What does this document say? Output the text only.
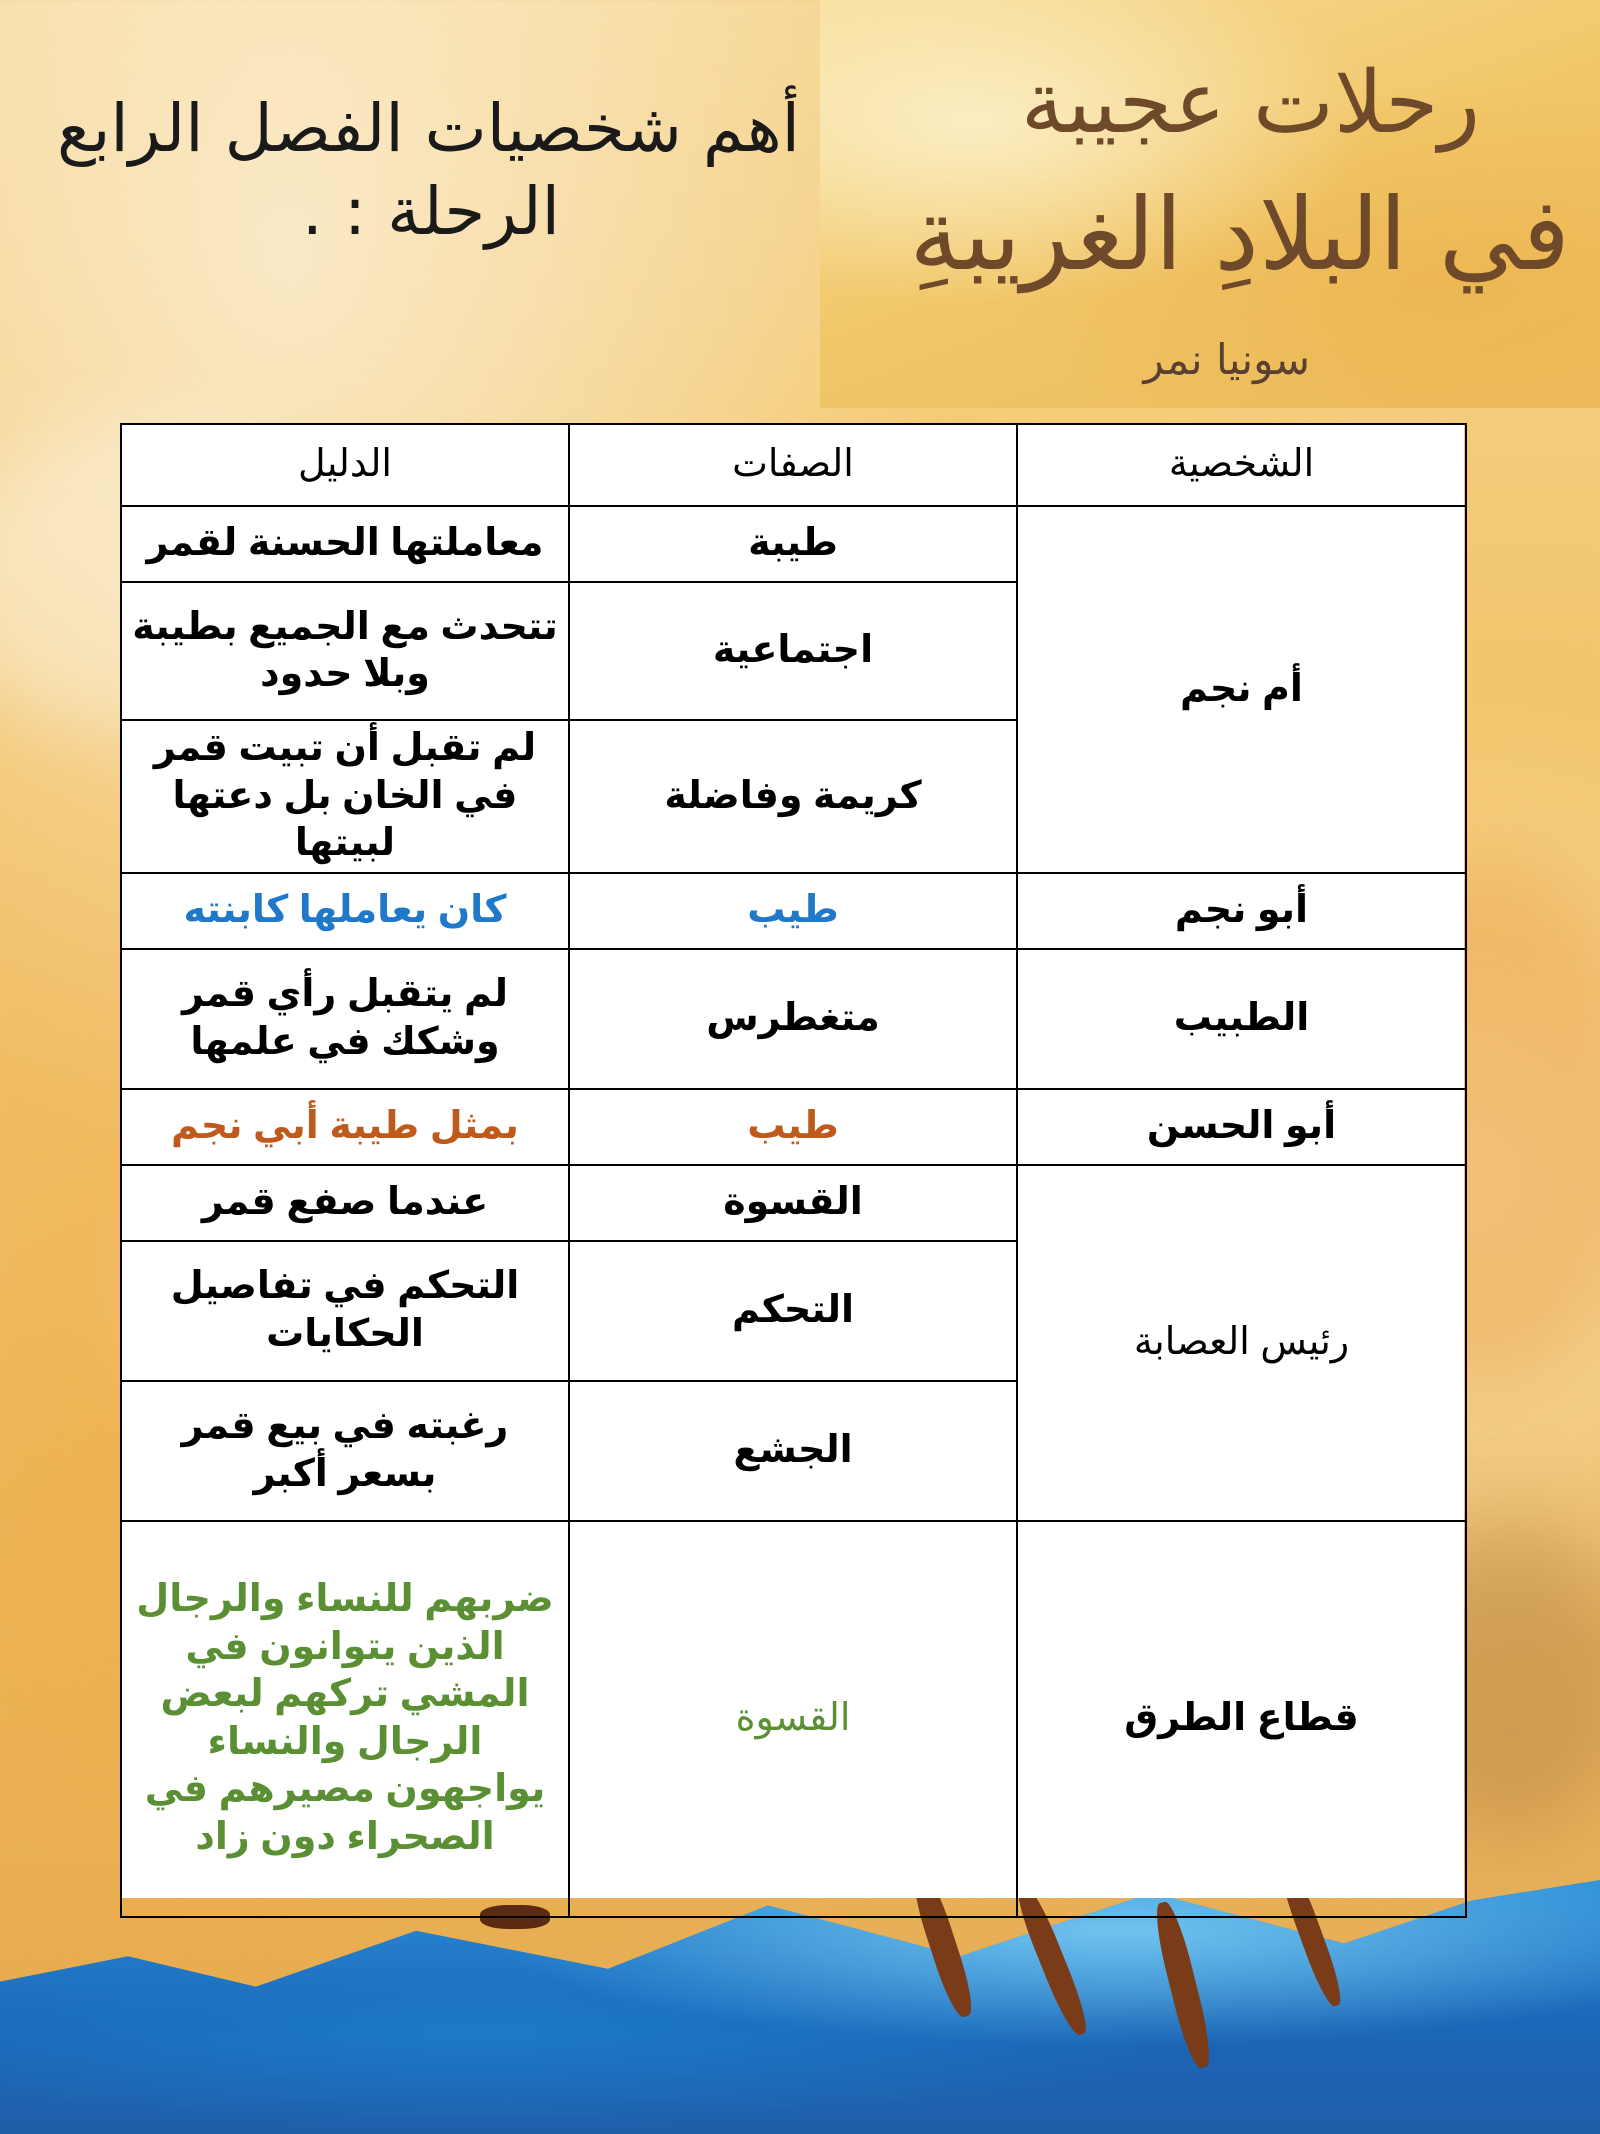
رحلات عجيبة
في البلادِ الغريبةِ
سونيا نمر
أهم شخصيات الفصل الرابع
الرحلة : .
الشخصية	الصفات	الدليل
أم نجم	طيبة	معاملتها الحسنة لقمر
	اجتماعية	تتحدث مع الجميع بطيبة وبلا حدود
	كريمة وفاضلة	لم تقبل أن تبيت قمر في الخان بل دعتها لبيتها
أبو نجم	طيب	كان يعاملها كابنته
الطبيب	متغطرس	لم يتقبل رأي قمر وشكك في علمها
أبو الحسن	طيب	بمثل طيبة أبي نجم
رئيس العصابة	القسوة	عندما صفع قمر
	التحكم	التحكم في تفاصيل الحكايات
	الجشع	رغبته في بيع قمر بسعر أكبر
قطاع الطرق	القسوة	ضربهم للنساء والرجال الذين يتوانون في المشي تركهم لبعض الرجال والنساء يواجهون مصيرهم في الصحراء دون زاد
